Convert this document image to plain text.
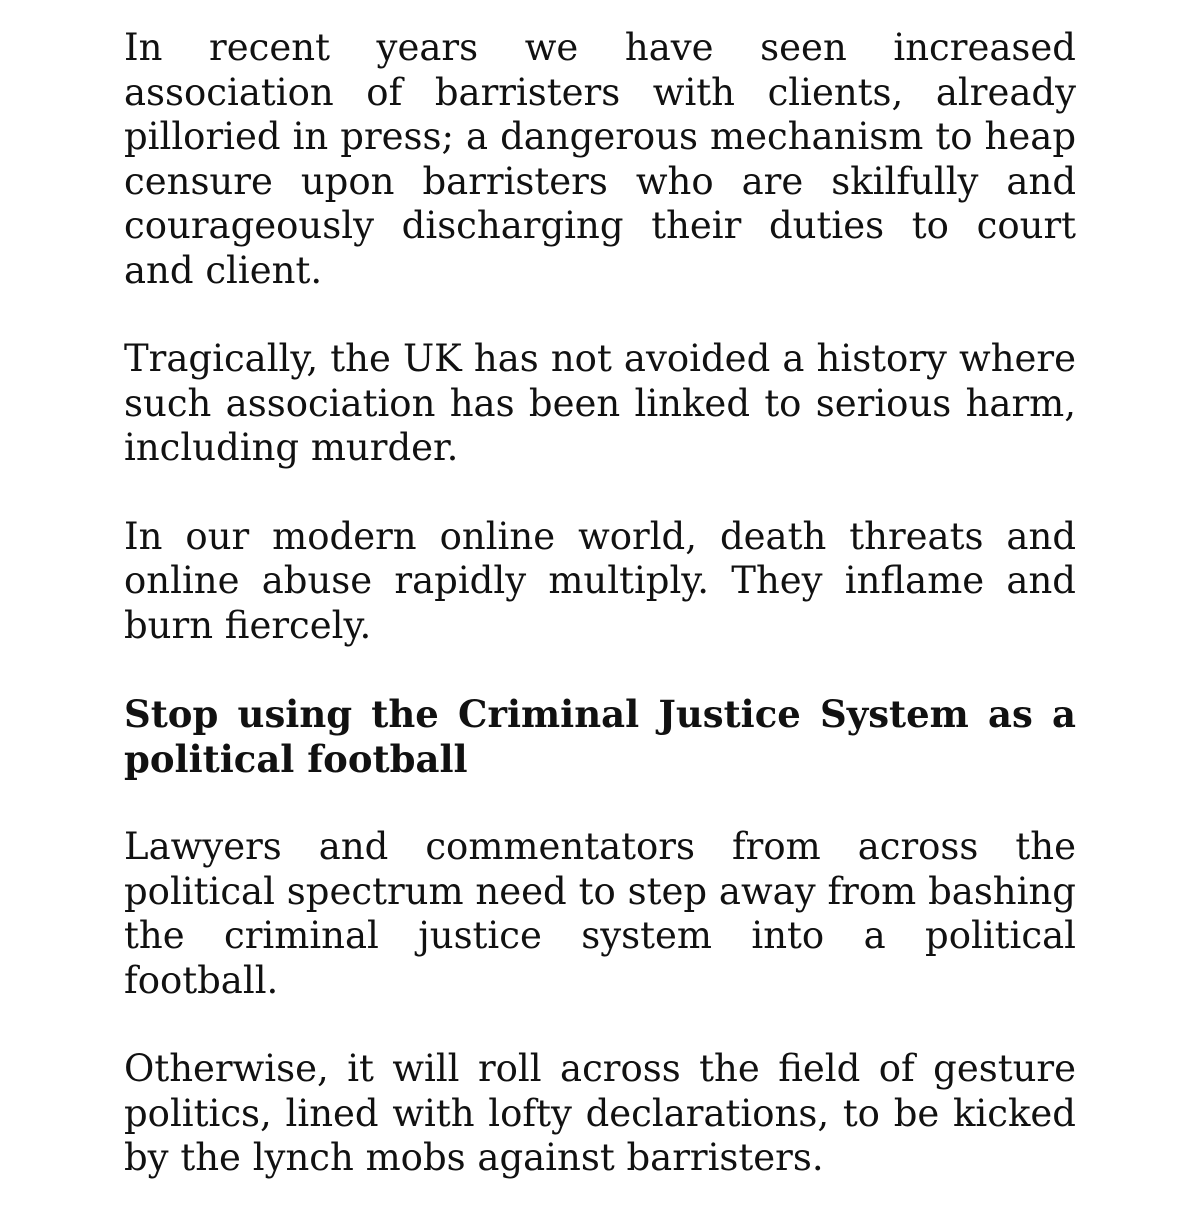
In recent years we have seen increased association of barristers with clients, already pilloried in press; a dangerous mechanism to heap censure upon barristers who are skilfully and courageously discharging their duties to court and client.

Tragically, the UK has not avoided a history where such association has been linked to serious harm, including murder.

In our modern online world, death threats and online abuse rapidly multiply. They inflame and burn fiercely.

Stop using the Criminal Justice System as a political football

Lawyers and commentators from across the political spectrum need to step away from bashing the criminal justice system into a political football.

Otherwise, it will roll across the field of gesture politics, lined with lofty declarations, to be kicked by the lynch mobs against barristers.
